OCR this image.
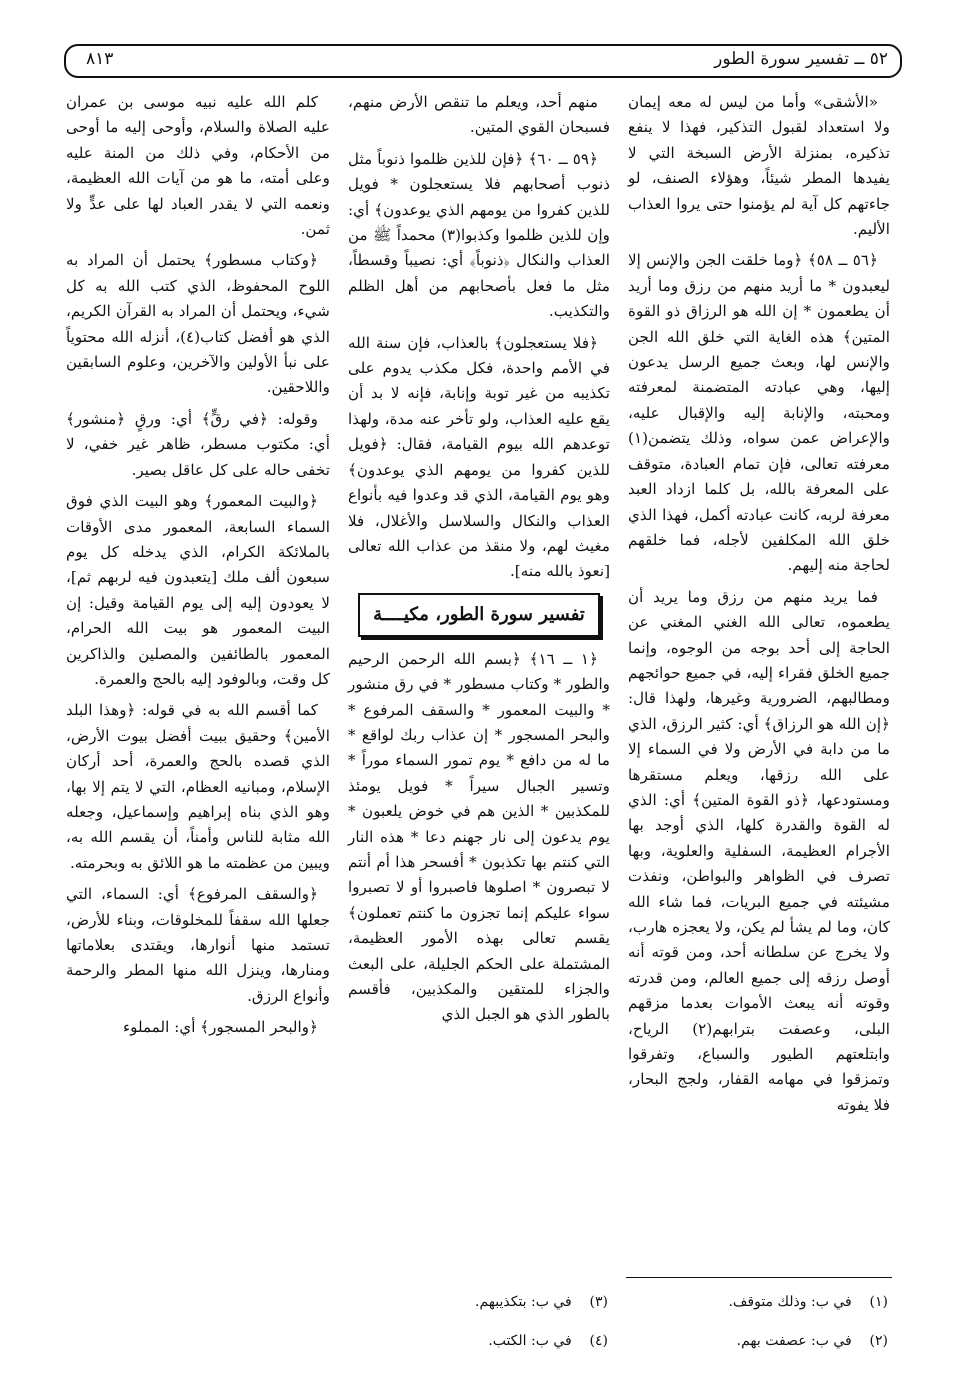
٥٢ ــ تفسير سورة الطور
٨١٣

«الأشقى» وأما من ليس له معه إيمان ولا استعداد لقبول التذكير، فهذا لا ينفع تذكيره، بمنزلة الأرض السبخة التي لا يفيدها المطر شيئاً، وهؤلاء الصنف، لو جاءتهم كل آية لم يؤمنوا حتى يروا العذاب الأليم.

﴿٥٦ ــ ٥٨﴾ ﴿وما خلقت الجن والإنس إلا ليعبدون * ما أريد منهم من رزق وما أريد أن يطعمون * إن الله هو الرزاق ذو القوة المتين﴾ هذه الغاية التي خلق الله الجن والإنس لها، وبعث جميع الرسل يدعون إليها، وهي عبادته المتضمنة لمعرفته ومحبته، والإنابة إليه والإقبال عليه، والإعراض عمن سواه، وذلك يتضمن(١) معرفته تعالى، فإن تمام العبادة، متوقف على المعرفة بالله، بل كلما ازداد العبد معرفة لربه، كانت عبادته أكمل، فهذا الذي خلق الله المكلفين لأجله، فما خلقهم لحاجة منه إليهم.

فما يريد منهم من رزق وما يريد أن يطعموه، تعالى الله الغني المغني عن الحاجة إلى أحد بوجه من الوجوه، وإنما جميع الخلق فقراء إليه، في جميع حوائجهم ومطالبهم، الضرورية وغيرها، ولهذا قال: ﴿إن الله هو الرزاق﴾ أي: كثير الرزق، الذي ما من دابة في الأرض ولا في السماء إلا على الله رزقها، ويعلم مستقرها ومستودعها، ﴿ذو القوة المتين﴾ أي: الذي له القوة والقدرة كلها، الذي أوجد بها الأجرام العظيمة، السفلية والعلوية، وبها تصرف في الظواهر والبواطن، ونفذت مشيئته في جميع البريات، فما شاء الله كان، وما لم يشأ لم يكن، ولا يعجزه هارب، ولا يخرج عن سلطانه أحد، ومن قوته أنه أوصل رزقه إلى جميع العالم، ومن قدرته وقوته أنه يبعث الأموات بعدما مزقهم البلى، وعصفت بترابهم(٢) الرياح، وابتلعتهم الطيور والسباع، وتفرقوا وتمزقوا في مهامه القفار، ولجج البحار، فلا يفوته

منهم أحد، ويعلم ما تنقص الأرض منهم، فسبحان القوي المتين.

﴿٥٩ ــ ٦٠﴾ ﴿فإن للذين ظلموا ذنوباً مثل ذنوب أصحابهم فلا يستعجلون * فويل للذين كفروا من يومهم الذي يوعدون﴾ أي: وإن للذين ظلموا وكذبوا(٣) محمداً ﷺ من العذاب والنكال ﴿ذنوباً﴾ أي: نصيباً وقسطاً، مثل ما فعل بأصحابهم من أهل الظلم والتكذيب.

﴿فلا يستعجلون﴾ بالعذاب، فإن سنة الله في الأمم واحدة، فكل مكذب يدوم على تكذيبه من غير توبة وإنابة، فإنه لا بد أن يقع عليه العذاب، ولو تأخر عنه مدة، ولهذا توعدهم الله بيوم القيامة، فقال: ﴿فويل للذين كفروا من يومهم الذي يوعدون﴾ وهو يوم القيامة، الذي قد وعدوا فيه بأنواع العذاب والنكال والسلاسل والأغلال، فلا مغيث لهم، ولا منقذ من عذاب الله تعالى [نعوذ بالله منه].

تفسير سورة الطور، مكيــــة

﴿١ ــ ١٦﴾ ﴿بسم الله الرحمن الرحيم والطور * وكتاب مسطور * في رق منشور * والبيت المعمور * والسقف المرفوع * والبحر المسجور * إن عذاب ربك لواقع * ما له من دافع * يوم تمور السماء موراً * وتسير الجبال سيراً * فويل يومئذ للمكذبين * الذين هم في خوض يلعبون * يوم يدعون إلى نار جهنم دعا * هذه النار التي كنتم بها تكذبون * أفسحر هذا أم أنتم لا تبصرون * اصلوها فاصبروا أو لا تصبروا سواء عليكم إنما تجزون ما كنتم تعملون﴾ يقسم تعالى بهذه الأمور العظيمة، المشتملة على الحكم الجليلة، على البعث والجزاء للمتقين والمكذبين، فأقسم بالطور الذي هو الجبل الذي

كلم الله عليه نبيه موسى بن عمران عليه الصلاة والسلام، وأوحى إليه ما أوحى من الأحكام، وفي ذلك من المنة عليه وعلى أمته، ما هو من آيات الله العظيمة، ونعمه التي لا يقدر العباد لها على عدٍّ ولا ثمن.

﴿وكتاب مسطور﴾ يحتمل أن المراد به اللوح المحفوظ، الذي كتب الله به كل شيء، ويحتمل أن المراد به القرآن الكريم، الذي هو أفضل كتاب(٤)، أنزله الله محتوياً على نبأ الأولين والآخرين، وعلوم السابقين واللاحقين.

وقوله: ﴿في رقٍّ﴾ أي: ورقٍ ﴿منشور﴾ أي: مكتوب مسطر، ظاهر غير خفي، لا تخفى حاله على كل عاقل بصير.

﴿والبيت المعمور﴾ وهو البيت الذي فوق السماء السابعة، المعمور مدى الأوقات بالملائكة الكرام، الذي يدخله كل يوم سبعون ألف ملك [يتعبدون فيه لربهم ثم]، لا يعودون إليه إلى يوم القيامة وقيل: إن البيت المعمور هو بيت الله الحرام، المعمور بالطائفين والمصلين والذاكرين كل وقت، وبالوفود إليه بالحج والعمرة.

كما أقسم الله به في قوله: ﴿وهذا البلد الأمين﴾ وحقيق ببيت أفضل بيوت الأرض، الذي قصده بالحج والعمرة، أحد أركان الإسلام، ومبانيه العظام، التي لا يتم إلا بها، وهو الذي بناه إبراهيم وإسماعيل، وجعله الله مثابة للناس وأمناً، أن يقسم الله به، ويبين من عظمته ما هو اللائق به وبحرمته.

﴿والسقف المرفوع﴾ أي: السماء، التي جعلها الله سقفاً للمخلوقات، وبناء للأرض، تستمد منها أنوارها، ويقتدى بعلاماتها ومنارها، وينزل الله منها المطر والرحمة وأنواع الرزق.

﴿والبحر المسجور﴾ أي: المملوء

(١)    في ب: وذلك متوقف.
(٢)    في ب: عصفت بهم.
(٣)    في ب: بتكذيبهم.
(٤)    في ب: الكتب.
